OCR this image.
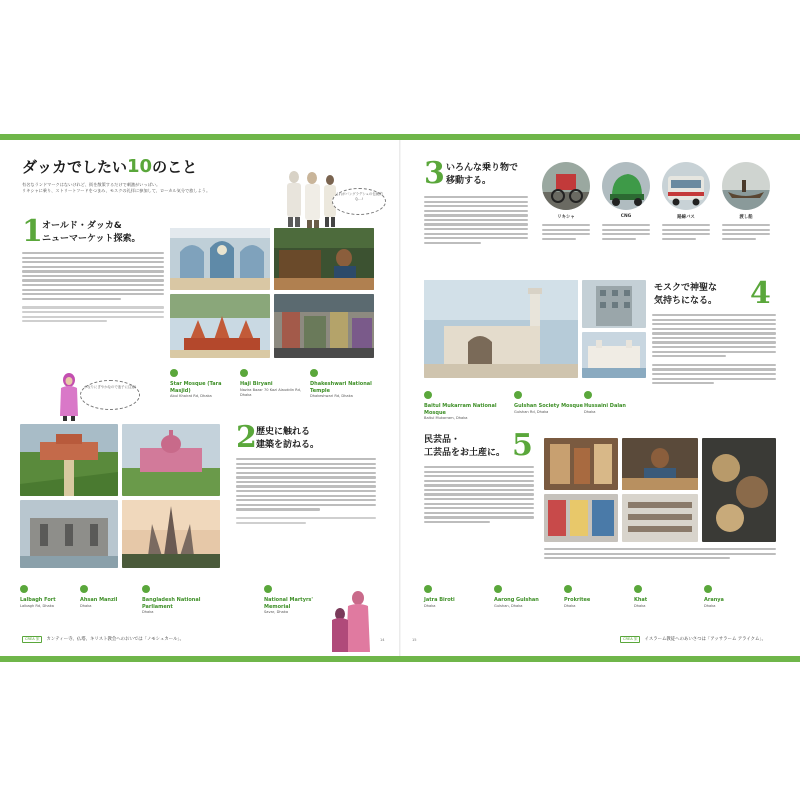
ダッカでしたい10のこと
有名なランドマークはないけれど、街を散策するだけで刺激がいっぱい。
リキシャに乗り、ストリートフードをつまみ、モスクの礼拝に参加して、ローカル気分で旅しよう。
これがバングラデシュの伝統的な…!
1 オールド・ダッカ&
ニューマーケット探索。
かなりにぎやかなので迷子に注意!	Star Mosque (Tara Masjid)
Abul Khairat Rd, Dhaka
Haji Biryani
Nazira Bazar 70 Kazi Alauddin Rd, Dhaka
Dhakeshwari National Temple
Dhakeshwari Rd, Dhaka
2 歴史に触れる
建築を訪ねる。
Lalbagh Fort
Lalbagh Rd, Dhaka
Ahsan Manzil
Dhaka
Bangladesh National Parliament
Dhaka
National Martyrs' Memorial
Savar, Dhaka
CREA 旅 カンティー寺、仏塔、キリスト教会へのおいでは「ノモシュカール」。	14
3 いろんな乗り物で
移動する。
リキシャ	CNG	路線バス	渡し船
モスクで神聖な
気持ちになる。 4
Baitul Mukarram National Mosque
Baitul Mukarram, Dhaka
Gulshan Society Mosque
Gulshan Rd, Dhaka
Hussaini Dalan
Dhaka
民芸品・
工芸品をお土産に。 5
Jatra Biroti
Dhaka
Aarong Gulshan
Gulshan, Dhaka
Prokritee
Dhaka
Khat
Dhaka
Aranya
Dhaka
CREA 旅 イスラーム教徒へのあいさつは「アッサラーム アライクム」。
15
